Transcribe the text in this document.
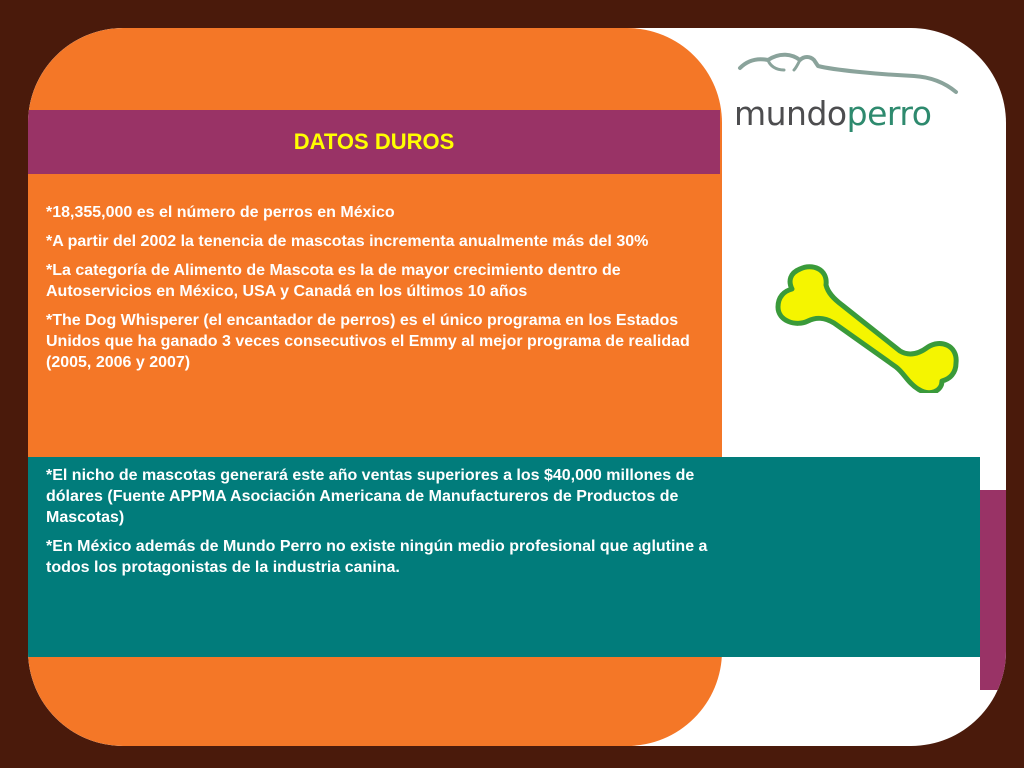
DATOS DUROS

*18,355,000 es el número de perros en México

*A partir del 2002 la tenencia de mascotas incrementa anualmente más del 30%

*La categoría de Alimento de Mascota es la de mayor crecimiento dentro de Autoservicios en México, USA y Canadá en los últimos 10 años

*The Dog Whisperer (el encantador de perros) es el único programa en los Estados Unidos que ha ganado 3 veces consecutivos el Emmy al mejor programa de realidad (2005, 2006 y 2007)

*El nicho de mascotas generará este año ventas superiores a los $40,000 millones de dólares (Fuente APPMA Asociación Americana de Manufactureros de Productos de Mascotas)

*En México además de Mundo Perro no existe ningún medio profesional que aglutine a todos los protagonistas de la industria canina.

mundoperro
